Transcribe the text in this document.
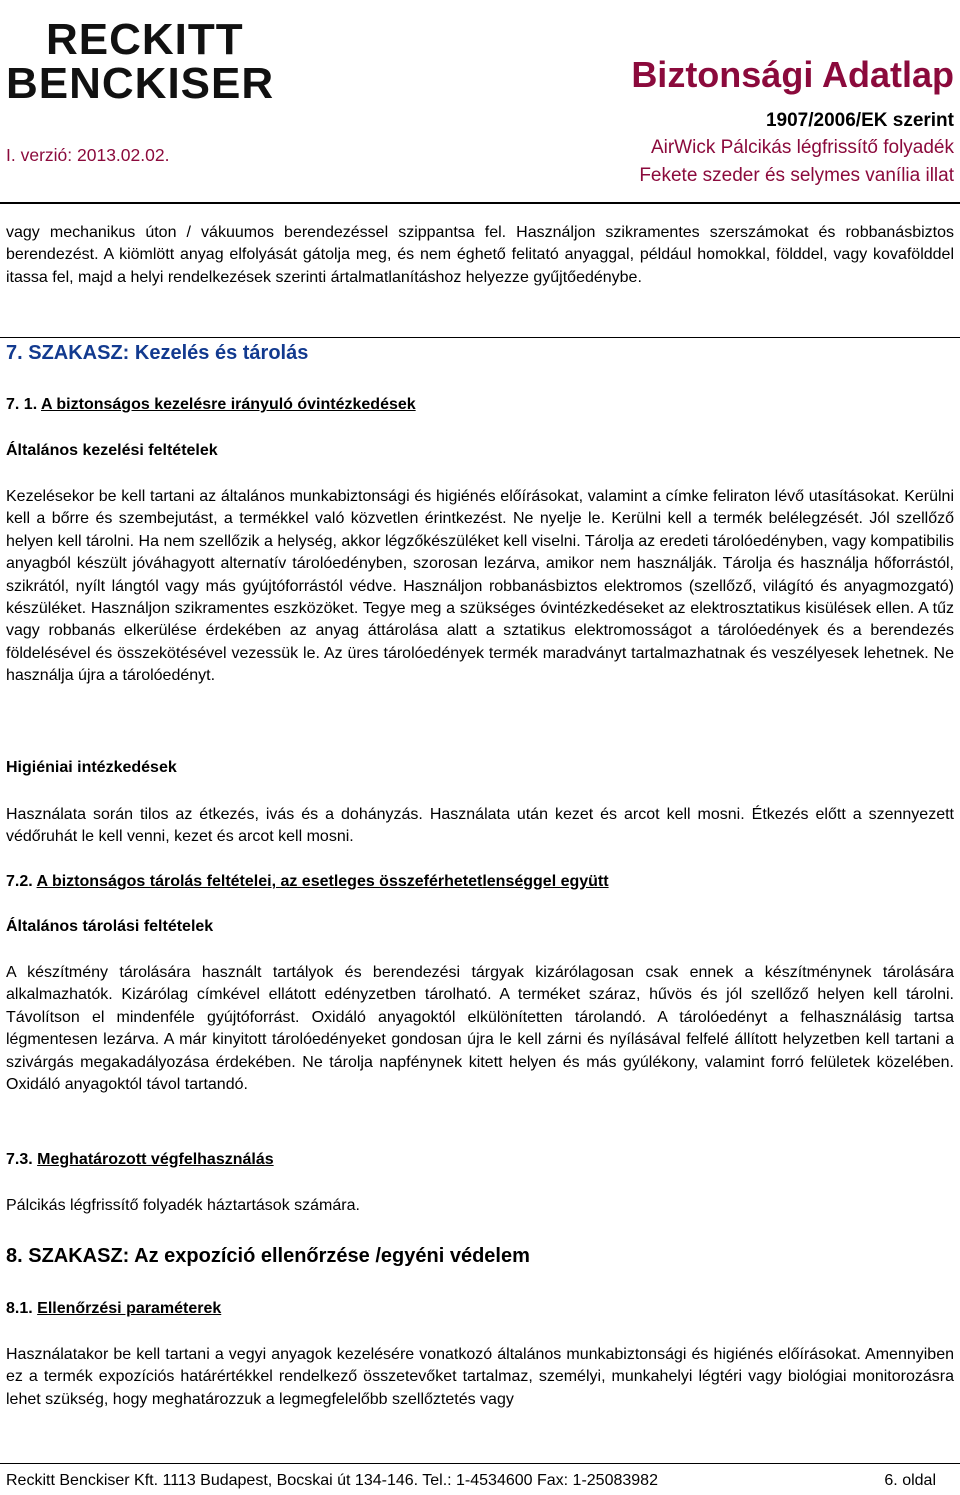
RECKITT
BENCKISER
I. verzió: 2013.02.02.
Biztonsági Adatlap
1907/2006/EK szerint
AirWick Pálcikás légfrissítő folyadék
Fekete szeder és selymes vanília illat

vagy mechanikus úton / vákuumos berendezéssel szippantsa fel. Használjon szikramentes szerszámokat és robbanásbiztos berendezést. A kiömlött anyag elfolyását gátolja meg, és nem éghető felitató anyaggal, például homokkal, földdel, vagy kovafölddel itassa fel, majd a helyi rendelkezések szerinti ártalmatlanításhoz helyezze gyűjtőedénybe.

7. SZAKASZ: Kezelés és tárolás
7. 1. A biztonságos kezelésre irányuló óvintézkedések
Általános kezelési feltételek

Kezelésekor be kell tartani az általános munkabiztonsági és higiénés előírásokat, valamint a címke feliraton lévő utasításokat. Kerülni kell a bőrre és szembejutást, a termékkel való közvetlen érintkezést. Ne nyelje le. Kerülni kell a termék belélegzését. Jól szellőző helyen kell tárolni. Ha nem szellőzik a helység, akkor légzőkészüléket kell viselni. Tárolja az eredeti tárolóedényben, vagy kompatibilis anyagból készült jóváhagyott alternatív tárolóedényben, szorosan lezárva, amikor nem használják. Tárolja és használja hőforrástól, szikrától, nyílt lángtól vagy más gyújtóforrástól védve. Használjon robbanásbiztos elektromos (szellőző, világító és anyagmozgató) készüléket. Használjon szikramentes eszközöket. Tegye meg a szükséges óvintézkedéseket az elektrosztatikus kisülések ellen. A tűz vagy robbanás elkerülése érdekében az anyag áttárolása alatt a sztatikus elektromosságot a tárolóedények és a berendezés földelésével és összekötésével vezessük le. Az üres tárolóedények termék maradványt tartalmazhatnak és veszélyesek lehetnek. Ne használja újra a tárolóedényt.

Higiéniai intézkedések

Használata során tilos az étkezés, ivás és a dohányzás. Használata után kezet és arcot kell mosni. Étkezés előtt a szennyezett védőruhát le kell venni, kezet és arcot kell mosni.

7.2. A biztonságos tárolás feltételei, az esetleges összeférhetetlenséggel együtt
Általános tárolási feltételek

A készítmény tárolására használt tartályok és berendezési tárgyak kizárólagosan csak ennek a készítménynek tárolására alkalmazhatók. Kizárólag címkével ellátott edényzetben tárolható. A terméket száraz, hűvös és jól szellőző helyen kell tárolni. Távolítson el mindenféle gyújtóforrást. Oxidáló anyagoktól elkülönítetten tárolandó. A tárolóedényt a felhasználásig tartsa légmentesen lezárva. A már kinyitott tárolóedényeket gondosan újra le kell zárni és nyílásával felfelé állított helyzetben kell tartani a szivárgás megakadályozása érdekében. Ne tárolja napfénynek kitett helyen és más gyúlékony, valamint forró felületek közelében. Oxidáló anyagoktól távol tartandó.

7.3. Meghatározott végfelhasználás

Pálcikás légfrissítő folyadék háztartások számára.

8. SZAKASZ: Az expozíció ellenőrzése /egyéni védelem
8.1. Ellenőrzési paraméterek

Használatakor be kell tartani a vegyi anyagok kezelésére vonatkozó általános munkabiztonsági és higiénés előírásokat. Amennyiben ez a termék expozíciós határértékkel rendelkező összetevőket tartalmaz, személyi, munkahelyi légtéri vagy biológiai monitorozásra lehet szükség, hogy meghatározzuk a legmegfelelőbb szellőztetés vagy

Reckitt Benckiser Kft. 1113 Budapest, Bocskai út 134-146. Tel.: 1-4534600 Fax: 1-25083982	6. oldal
